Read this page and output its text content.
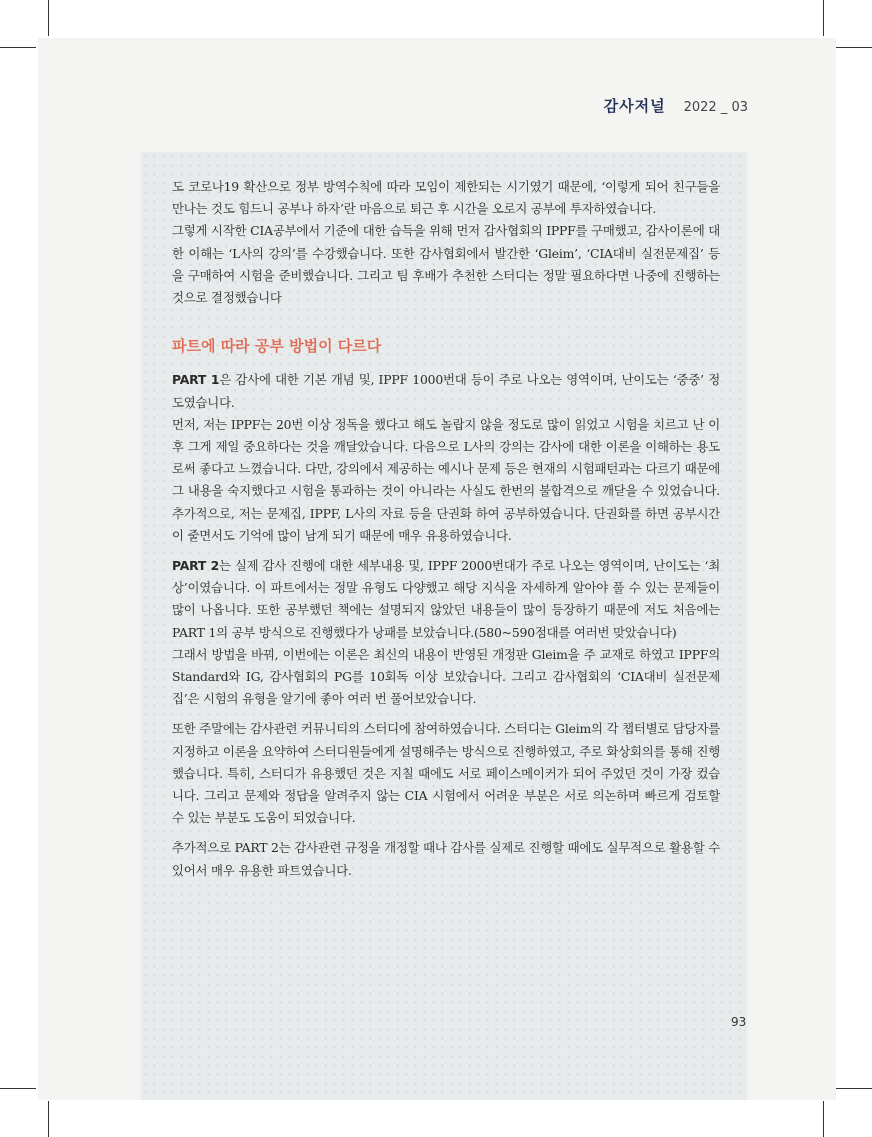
감사저널 2022 _ 03

도 코로나19 확산으로 정부 방역수칙에 따라 모임이 제한되는 시기였기 때문에, ‘이렇게 되어 친구들을 만나는 것도 힘드니 공부나 하자’란 마음으로 퇴근 후 시간을 오로지 공부에 투자하였습니다.

그렇게 시작한 CIA공부에서 기준에 대한 습득을 위해 먼저 감사협회의 IPPF를 구매했고, 감사이론에 대한 이해는 ‘L사의 강의’를 수강했습니다. 또한 감사협회에서 발간한 ‘Gleim’, ‘CIA대비 실전문제집’ 등을 구매하여 시험을 준비했습니다. 그리고 팀 후배가 추천한 스터디는 정말 필요하다면 나중에 진행하는 것으로 결정했습니다

파트에 따라 공부 방법이 다르다

PART 1은 감사에 대한 기본 개념 및, IPPF 1000번대 등이 주로 나오는 영역이며, 난이도는 ‘중중’ 정도였습니다.

먼저, 저는 IPPF는 20번 이상 정독을 했다고 해도 놀랍지 않을 정도로 많이 읽었고 시험을 치르고 난 이후 그게 제일 중요하다는 것을 깨달았습니다. 다음으로 L사의 강의는 감사에 대한 이론을 이해하는 용도로써 좋다고 느꼈습니다. 다만, 강의에서 제공하는 예시나 문제 등은 현재의 시험패턴과는 다르기 때문에 그 내용을 숙지했다고 시험을 통과하는 것이 아니라는 사실도 한번의 불합격으로 깨닫을 수 있었습니다. 추가적으로, 저는 문제집, IPPF, L사의 자료 등을 단권화 하여 공부하였습니다. 단권화를 하면 공부시간이 줄면서도 기억에 많이 남게 되기 때문에 매우 유용하였습니다.

PART 2는 실제 감사 진행에 대한 세부내용 및, IPPF 2000번대가 주로 나오는 영역이며, 난이도는 ‘최상’이였습니다. 이 파트에서는 정말 유형도 다양했고 해당 지식을 자세하게 알아야 풀 수 있는 문제들이 많이 나옵니다. 또한 공부했던 책에는 설명되지 않았던 내용들이 많이 등장하기 때문에 저도 처음에는 PART 1의 공부 방식으로 진행했다가 낭패를 보았습니다.(580~590점대를 여러번 맞았습니다)

그래서 방법을 바꿔, 이번에는 이론은 최신의 내용이 반영된 개정판 Gleim을 주 교재로 하였고 IPPF의 Standard와 IG, 감사협회의 PG를 10회독 이상 보았습니다. 그리고 감사협회의 ‘CIA대비 실전문제집’은 시험의 유형을 알기에 좋아 여러 번 풀어보았습니다.

또한 주말에는 감사관련 커뮤니티의 스터디에 참여하였습니다. 스터디는 Gleim의 각 챕터별로 담당자를 지정하고 이론을 요약하여 스터디원들에게 설명해주는 방식으로 진행하였고, 주로 화상회의를 통해 진행했습니다. 특히, 스터디가 유용했던 것은 지칠 때에도 서로 페이스메이커가 되어 주었던 것이 가장 컸습니다. 그리고 문제와 정답을 알려주지 않는 CIA 시험에서 어려운 부분은 서로 의논하며 빠르게 검토할 수 있는 부분도 도움이 되었습니다.

추가적으로 PART 2는 감사관련 규정을 개정할 때나 감사를 실제로 진행할 때에도 실무적으로 활용할 수 있어서 매우 유용한 파트였습니다.

93
